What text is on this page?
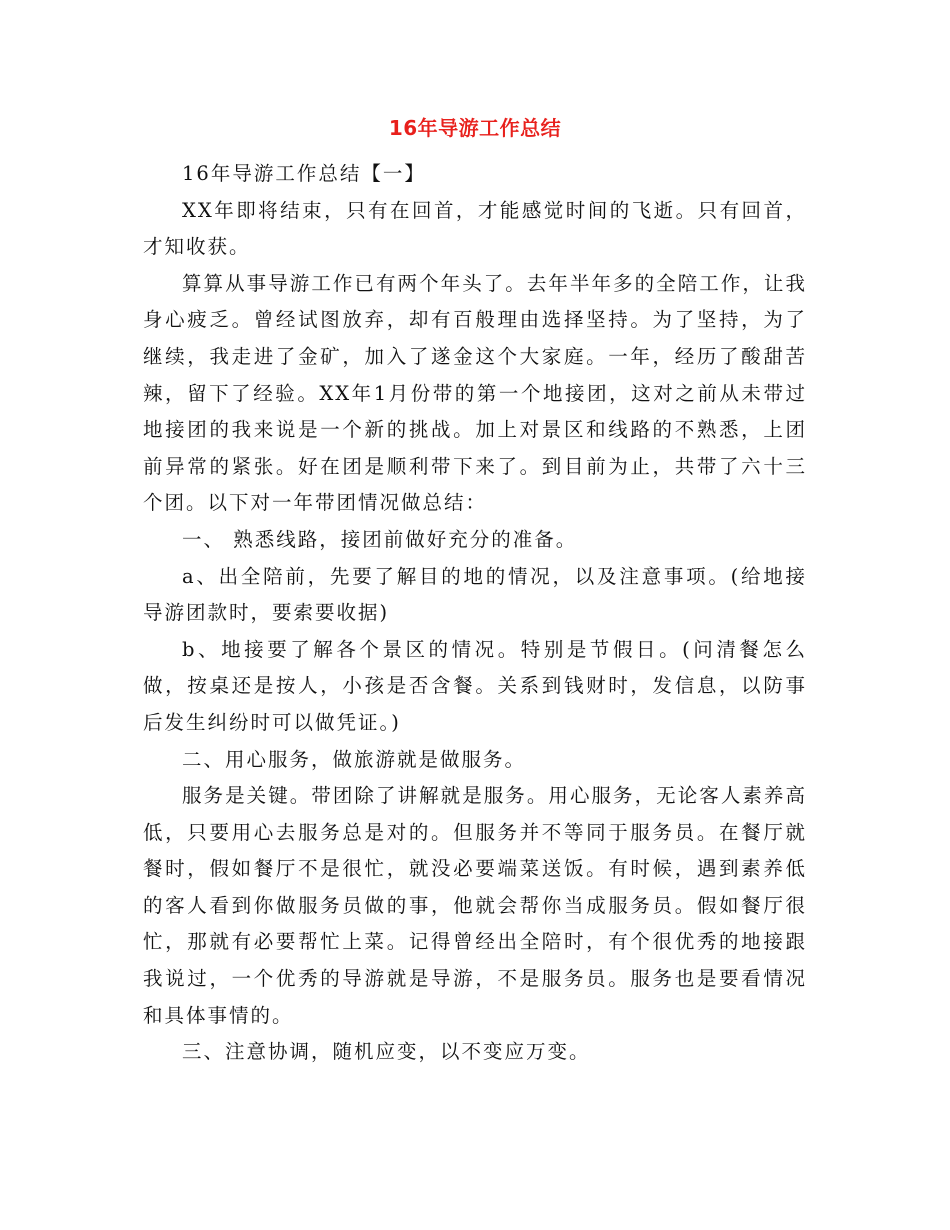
16年导游工作总结

16年导游工作总结【一】

XX年即将结束，只有在回首，才能感觉时间的飞逝。只有回首，才知收获。

算算从事导游工作已有两个年头了。去年半年多的全陪工作，让我身心疲乏。曾经试图放弃，却有百般理由选择坚持。为了坚持，为了继续，我走进了金矿，加入了遂金这个大家庭。一年，经历了酸甜苦辣，留下了经验。XX年1月份带的第一个地接团，这对之前从未带过地接团的我来说是一个新的挑战。加上对景区和线路的不熟悉，上团前异常的紧张。好在团是顺利带下来了。到目前为止，共带了六十三个团。以下对一年带团情况做总结：

一、 熟悉线路，接团前做好充分的准备。

a、出全陪前，先要了解目的地的情况，以及注意事项。(给地接导游团款时，要索要收据)

b、地接要了解各个景区的情况。特别是节假日。(问清餐怎么做，按桌还是按人，小孩是否含餐。关系到钱财时，发信息，以防事后发生纠纷时可以做凭证。)

二、用心服务，做旅游就是做服务。

服务是关键。带团除了讲解就是服务。用心服务，无论客人素养高低，只要用心去服务总是对的。但服务并不等同于服务员。在餐厅就餐时，假如餐厅不是很忙，就没必要端菜送饭。有时候，遇到素养低的客人看到你做服务员做的事，他就会帮你当成服务员。假如餐厅很忙，那就有必要帮忙上菜。记得曾经出全陪时，有个很优秀的地接跟我说过，一个优秀的导游就是导游，不是服务员。服务也是要看情况和具体事情的。

三、注意协调，随机应变，以不变应万变。
